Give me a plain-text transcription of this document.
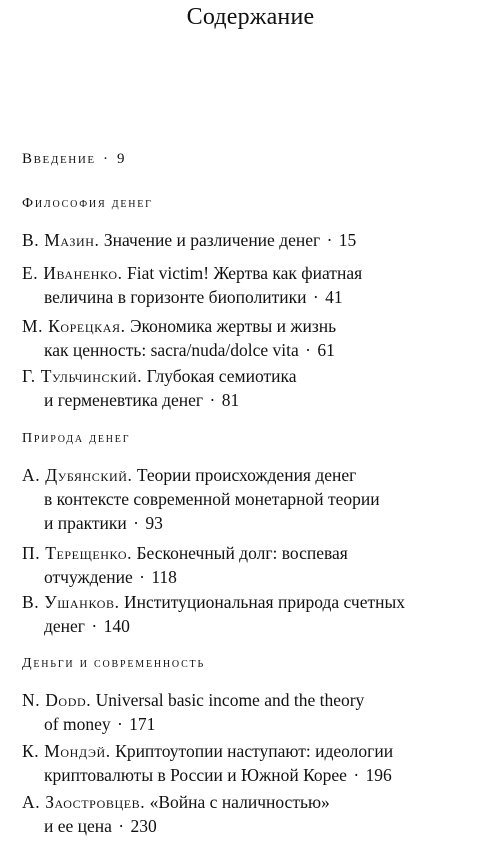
Содержание
Введение · 9
Философия денег
В. Мазин. Значение и различение денег · 15
Е. Иваненко. Fiat victim! Жертва как фиатная
величина в горизонте биополитики · 41
М. Корецкая. Экономика жертвы и жизнь
как ценность: sacra/nuda/dolce vita · 61
Г. Тульчинский. Глубокая семиотика
и герменевтика денег · 81
Природа денег
А. Дубянский. Теории происхождения денег
в контексте современной монетарной теории
и практики · 93
П. Терещенко. Бесконечный долг: воспевая
отчуждение · 118
В. Ушанков. Институциональная природа счетных
денег · 140
Деньги и современность
N. Dodd. Universal basic income and the theory
of money · 171
К. Мондэй. Криптоутопии наступают: идеологии
криптовалюты в России и Южной Корее · 196
А. Заостровцев. «Война с наличностью»
и ее цена · 230
